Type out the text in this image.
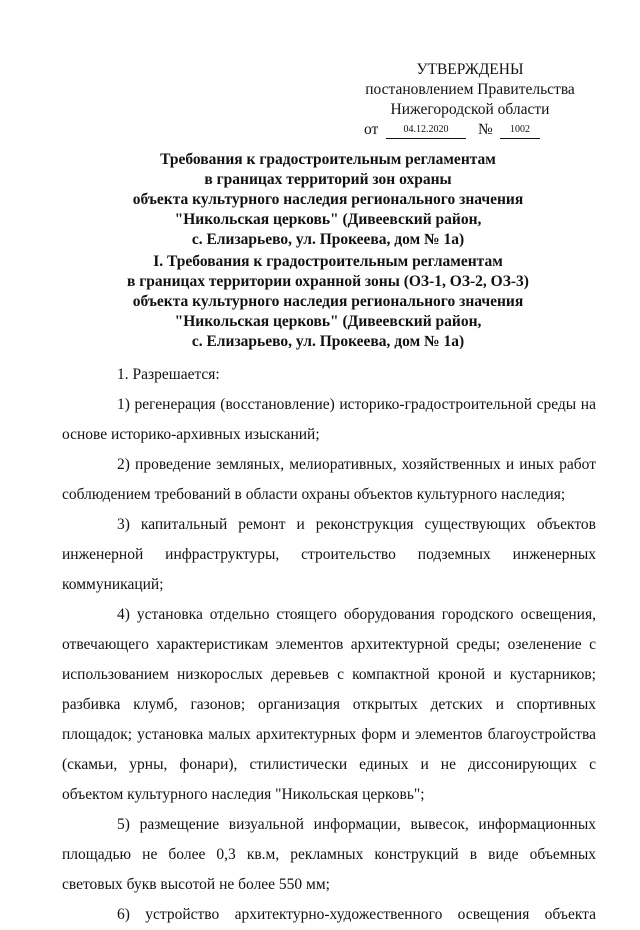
УТВЕРЖДЕНЫ
постановлением Правительства
Нижегородской области
от	04.12.2020	№	1002
Требования к градостроительным регламентам
в границах территорий зон охраны
объекта культурного наследия регионального значения
"Никольская церковь" (Дивеевский район,
с. Елизарьево, ул. Прокеева, дом № 1а)
I. Требования к градостроительным регламентам
в границах территории охранной зоны (ОЗ-1, ОЗ-2, ОЗ-3)
объекта культурного наследия регионального значения
"Никольская церковь" (Дивеевский район,
с. Елизарьево, ул. Прокеева, дом № 1а)
1. Разрешается:
1) регенерация (восстановление) историко-градостроительной среды на
основе историко-архивных изысканий;
2) проведение земляных, мелиоративных, хозяйственных и иных работ
соблюдением требований в области охраны объектов культурного наследия;
3) капитальный ремонт и реконструкция существующих объектов
инженерной инфраструктуры, строительство подземных инженерных
коммуникаций;
4) установка отдельно стоящего оборудования городского освещения,
отвечающего характеристикам элементов архитектурной среды; озеленение с
использованием низкорослых деревьев с компактной кроной и кустарников;
разбивка клумб, газонов; организация открытых детских и спортивных
площадок; установка малых архитектурных форм и элементов благоустройства
(скамьи, урны, фонари), стилистически единых и не диссонирующих с
объектом культурного наследия "Никольская церковь";
5) размещение визуальной информации, вывесок, информационных
площадью не более 0,3 кв.м, рекламных конструкций в виде объемных
световых букв высотой не более 550 мм;
6) устройство архитектурно-художественного освещения объекта
